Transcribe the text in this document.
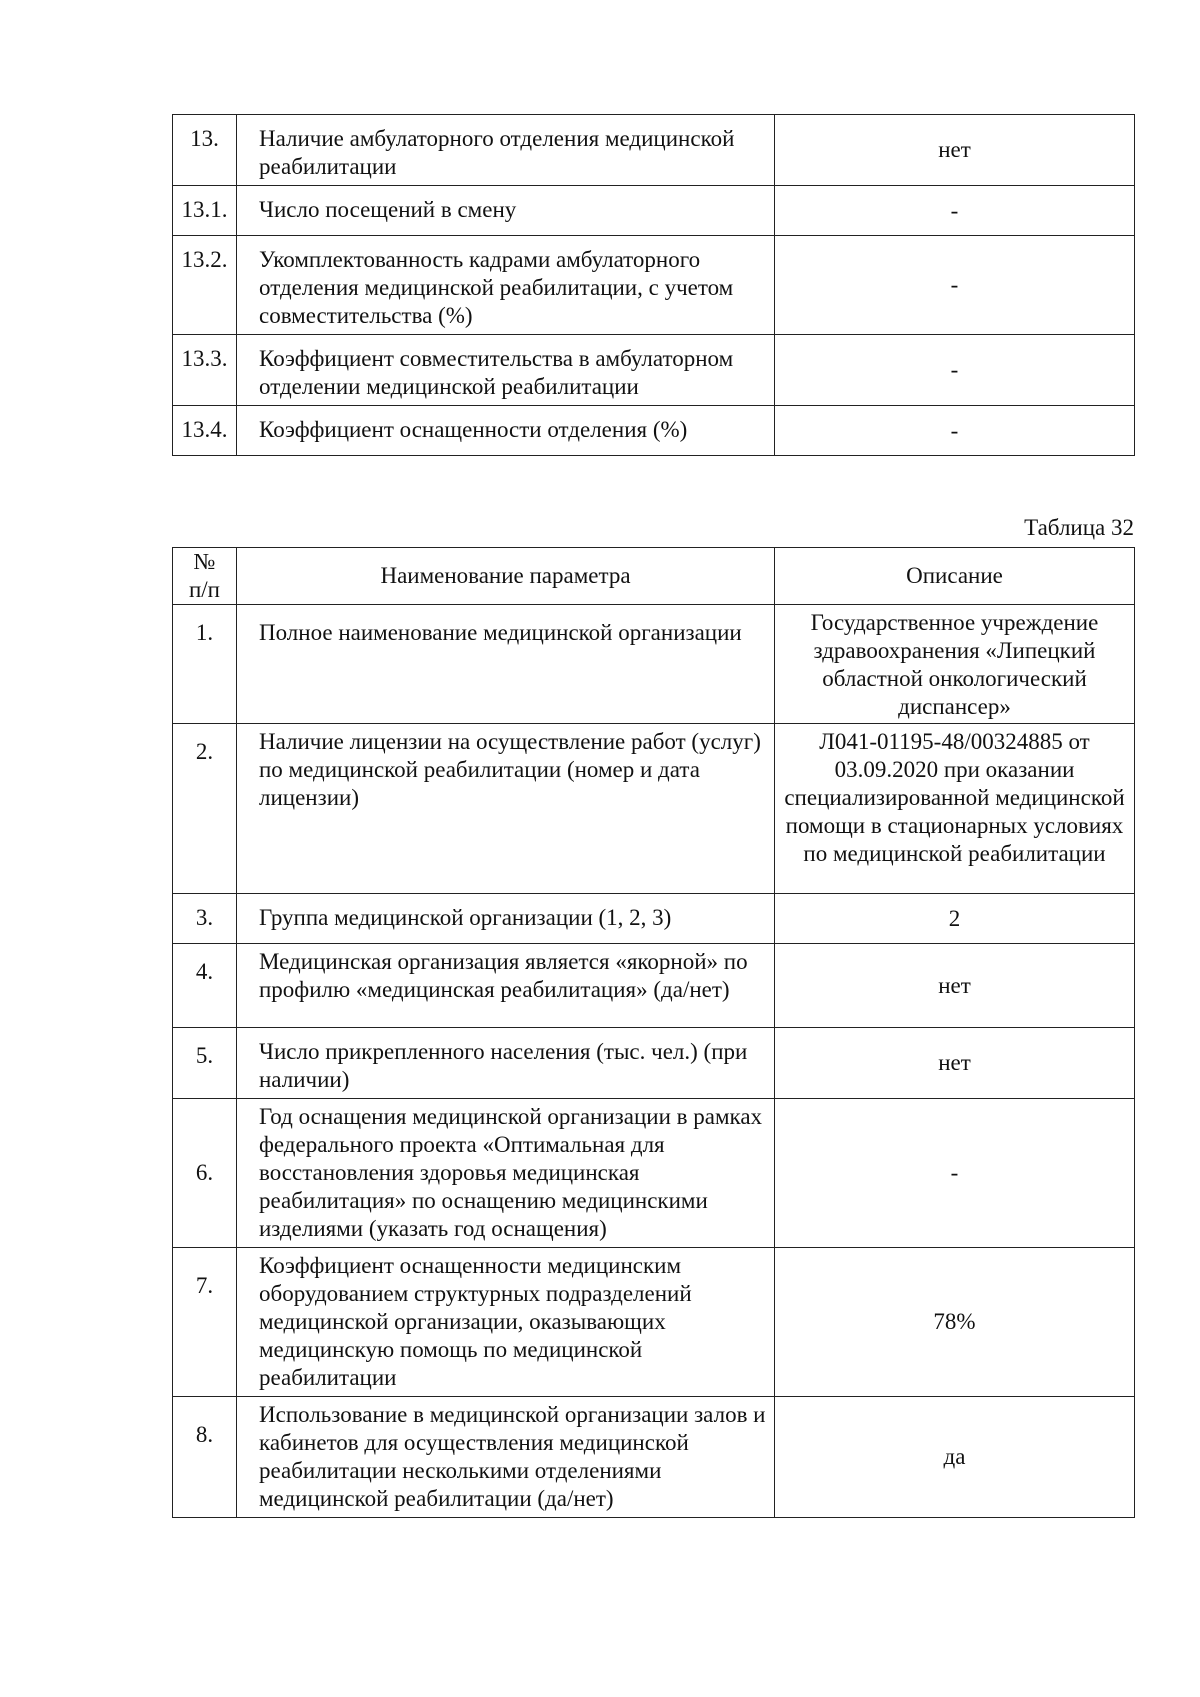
13.	Наличие амбулаторного отделения медицинской реабилитации	нет
13.1.	Число посещений в смену	-
13.2.	Укомплектованность кадрами амбулаторного отделения медицинской реабилитации, с учетом совместительства (%)	-
13.3.	Коэффициент совместительства в амбулаторном отделении медицинской реабилитации	-
13.4.	Коэффициент оснащенности отделения (%)	-
Таблица 32
№ п/п	Наименование параметра	Описание
1.	Полное наименование медицинской организации	Государственное учреждение здравоохранения «Липецкий областной онкологический диспансер»
2.	Наличие лицензии на осуществление работ (услуг) по медицинской реабилитации (номер и дата лицензии)	Л041-01195-48/00324885 от 03.09.2020 при оказании специализированной медицинской помощи в стационарных условиях по медицинской реабилитации
3.	Группа медицинской организации (1, 2, 3)	2
4.	Медицинская организация является «якорной» по профилю «медицинская реабилитация» (да/нет)	нет
5.	Число прикрепленного населения (тыс. чел.) (при наличии)	нет
6.	Год оснащения медицинской организации в рамках федерального проекта «Оптимальная для восстановления здоровья медицинская реабилитация» по оснащению медицинскими изделиями (указать год оснащения)	-
7.	Коэффициент оснащенности медицинским оборудованием структурных подразделений медицинской организации, оказывающих медицинскую помощь по медицинской реабилитации	78%
8.	Использование в медицинской организации залов и кабинетов для осуществления медицинской реабилитации несколькими отделениями медицинской реабилитации (да/нет)	да
